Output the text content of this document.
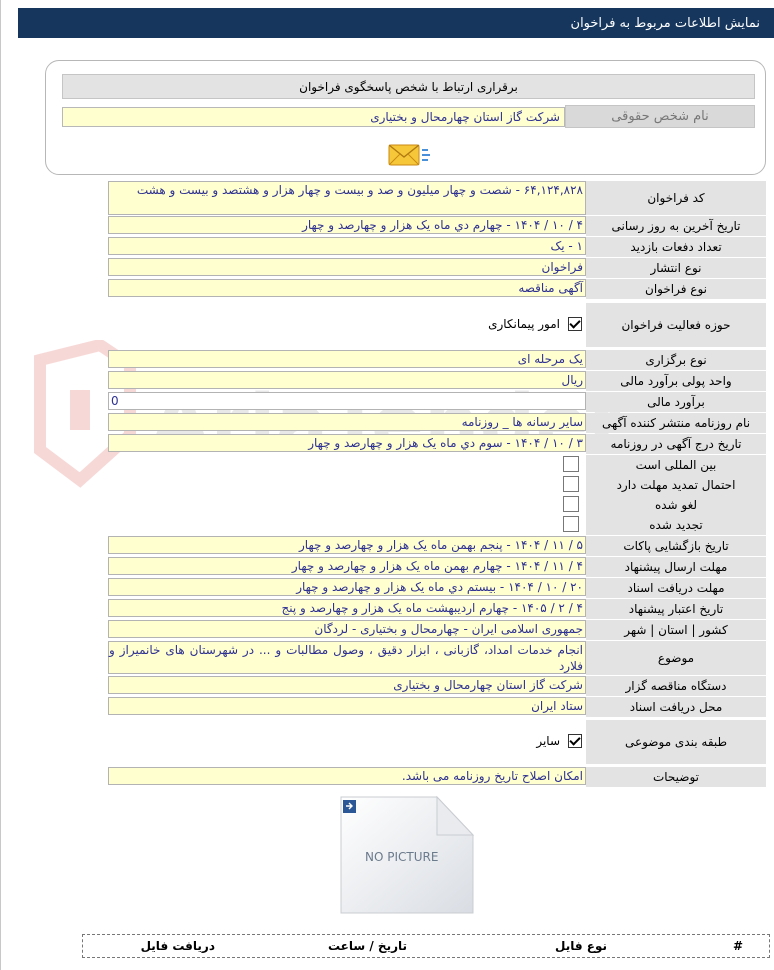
نمایش اطلاعات مربوط به فراخوان
برقراری ارتباط با شخص پاسخگوی فراخوان
نام شخص حقوقی
شرکت گاز استان چهارمحال و بختیاری
کد فراخوان
۶۴,۱۲۴,۸۲۸ - شصت و چهار میلیون و صد و بیست و چهار هزار و هشتصد و بیست و هشت
تاریخ آخرین به روز رسانی
۴ / ۱۰ / ۱۴۰۴ - چهارم دي ماه يک هزار و چهارصد و چهار
تعداد دفعات بازدید
۱ - یک
نوع انتشار
فراخوان
نوع فراخوان
آگهی مناقصه
حوزه فعالیت فراخوان
امور پیمانکاری
نوع برگزاری
یک مرحله ای
واحد پولی برآورد مالی
ریال
برآورد مالی
0
نام روزنامه منتشر کننده آگهی
سایر رسانه ها _ روزنامه
تاریخ درج آگهی در روزنامه
۳ / ۱۰ / ۱۴۰۴ - سوم دي ماه يک هزار و چهارصد و چهار
بین المللی است
احتمال تمدید مهلت دارد
لغو شده
تجدید شده
تاریخ بازگشایی پاکات
۵ / ۱۱ / ۱۴۰۴ - پنجم بهمن ماه يک هزار و چهارصد و چهار
مهلت ارسال پیشنهاد
۴ / ۱۱ / ۱۴۰۴ - چهارم بهمن ماه يک هزار و چهارصد و چهار
مهلت دریافت اسناد
۲۰ / ۱۰ / ۱۴۰۴ - بیستم دي ماه يک هزار و چهارصد و چهار
تاریخ اعتبار پیشنهاد
۴ / ۲ / ۱۴۰۵ - چهارم ارديبهشت ماه يک هزار و چهارصد و پنج
کشور | استان | شهر
جمهوری اسلامی ایران - چهارمحال و بختیاری - لردگان
موضوع
انجام خدمات امداد، گازبانی ، ابزار دقیق ، وصول مطالبات و ... در شهرستان های خانمیراز و فلارد
دستگاه مناقصه گزار
شرکت گاز استان چهارمحال و بختیاری
محل دریافت اسناد
ستاد ایران
طبقه بندی موضوعی
سایر
توضیحات
امکان اصلاح تاریخ روزنامه می باشد.
NO PICTURE
#
نوع فایل
تاریخ / ساعت
دریافت فایل
